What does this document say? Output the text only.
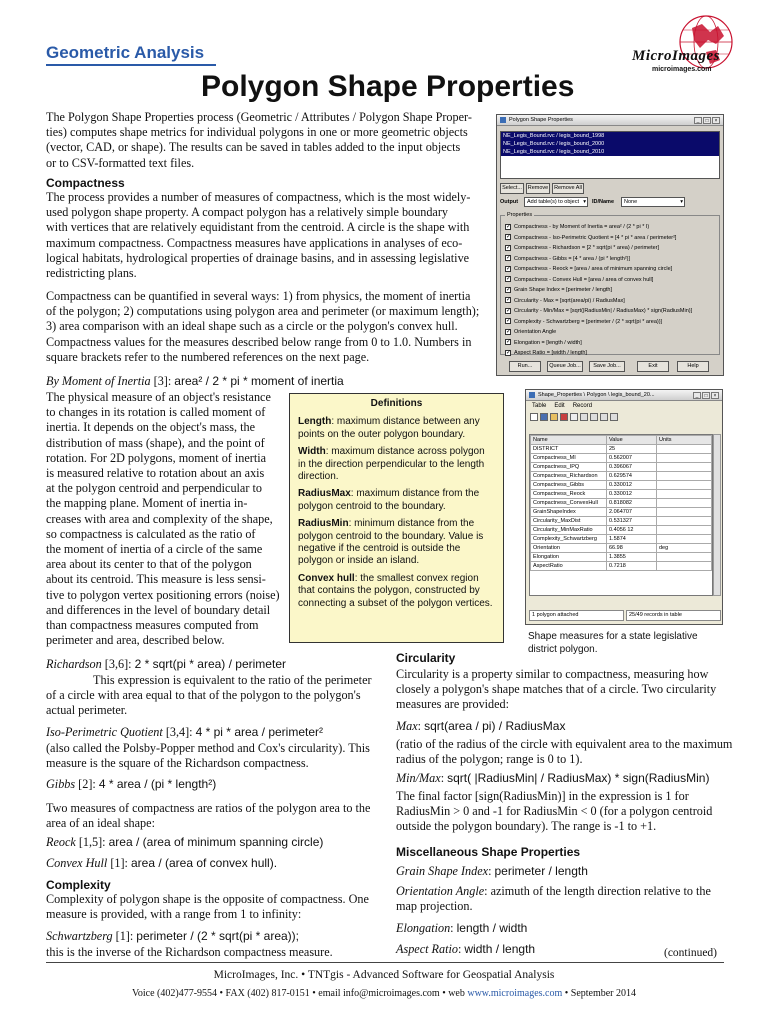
Geometric Analysis
Polygon Shape Properties
MicroImages
microimages.com
The Polygon Shape Properties process (Geometric / Attributes / Polygon Shape Proper-
ties) computes shape metrics for individual polygons in one or more geometric objects
(vector, CAD, or shape). The results can be saved in tables added to the input objects
or to CSV-formatted text files.
Compactness
The process provides a number of measures of compactness, which is the most widely-
used polygon shape property. A compact polygon has a relatively simple boundary
with vertices that are relatively equidistant from the centroid. A circle is the shape with
maximum compactness. Compactness measures have applications in analyses of eco-
logical habitats, hydrological properties of drainage basins, and in assessing legislative
redistricting plans.
Compactness can be quantified in several ways: 1) from physics, the moment of inertia
of the polygon; 2) computations using polygon area and perimeter (or maximum length);
3) area comparison with an ideal shape such as a circle or the polygon's convex hull.
Compactness values for the measures described below range from 0 to 1.0. Numbers in
square brackets refer to the numbered references on the next page.
By Moment of Inertia [3]: area² / 2 * pi * moment of inertia
The physical measure of an object's resistance
to changes in its rotation is called moment of
inertia. It depends on the object's mass, the
distribution of mass (shape), and the point of
rotation. For 2D polygons, moment of inertia
is measured relative to rotation about an axis
at the polygon centroid and perpendicular to
the mapping plane. Moment of inertia in-
creases with area and complexity of the shape,
so compactness is calculated as the ratio of
the moment of inertia of a circle of the same
area about its center to that of the polygon
about its centroid. This measure is less sensi-
tive to polygon vertex positioning errors (noise)
and differences in the level of boundary detail
than compactness measures computed from
perimeter and area, described below.
Definitions
Length: maximum distance between any points on the outer polygon boundary.
Width: maximum distance across polygon in the direction perpendicular to the length direction.
RadiusMax: maximum distance from the polygon centroid to the boundary.
RadiusMin: minimum distance from the polygon centroid to the boundary. Value is negative if the centroid is outside the polygon or inside an island.
Convex hull: the smallest convex region that contains the polygon, constructed by connecting a subset of the polygon vertices.
Richardson [3,6]: 2 * sqrt(pi * area) / perimeter
This expression is equivalent to the ratio of the perimeter
of a circle with area equal to that of the polygon to the polygon's
actual perimeter.
Iso-Perimetric Quotient [3,4]: 4 * pi * area / perimeter²
(also called the Polsby-Popper method and Cox's circularity). This
measure is the square of the Richardson compactness.
Gibbs [2]: 4 * area / (pi * length²)
Two measures of compactness are ratios of the polygon area to the
area of an ideal shape:
Reock [1,5]: area / (area of minimum spanning circle)
Convex Hull [1]: area / (area of convex hull).
Complexity
Complexity of polygon shape is the opposite of compactness. One
measure is provided, with a range from 1 to infinity:
Schwartzberg [1]: perimeter / (2 * sqrt(pi * area));
this is the inverse of the Richardson compactness measure.
Circularity
Circularity is a property similar to compactness, measuring how
closely a polygon's shape matches that of a circle. Two circularity
measures are provided:
Max: sqrt(area / pi) / RadiusMax
(ratio of the radius of the circle with equivalent area to the maximum
radius of the polygon; range is 0 to 1).
Min/Max: sqrt( |RadiusMin| / RadiusMax) * sign(RadiusMin)
The final factor [sign(RadiusMin)] in the expression is 1 for
RadiusMin > 0 and -1 for RadiusMin < 0 (for a polygon centroid
outside the polygon boundary). The range is -1 to +1.
Miscellaneous Shape Properties
Grain Shape Index: perimeter / length
Orientation Angle: azimuth of the length direction relative to the
map projection.
Elongation: length / width
Aspect Ratio: width / length	(continued)
Polygon Shape Properties	_	□	×
NE_Legis_Bound.rvc / legis_bound_1998
NE_Legis_Bound.rvc / legis_bound_2000
NE_Legis_Bound.rvc / legis_bound_2010
Select...	Remove	Remove All
Output	Add table(s) to object ▾ ID/Name	None	▾
Properties
✓ Compactness - by Moment of Inertia = area² / (2 * pi * I)
✓ Compactness - Iso-Perimetric Quotient = [4 * pi * area / perimeter²]
✓ Compactness - Richardson = [2 * sqrt(pi * area) / perimeter]
✓ Compactness - Gibbs = [4 * area / (pi * length²)]
✓ Compactness - Reock = [area / area of minimum spanning circle]
✓ Compactness - Convex Hull = [area / area of convex hull]
✓ Grain Shape Index = [perimeter / length]
✓ Circularity - Max = [sqrt(area/pi) / RadiusMax]
✓ Circularity - Min/Max = [sqrt(|RadiusMin| / RadiusMax) * sign(RadiusMin)]
✓ Complexity - Schwartzberg = [perimeter / (2 * sqrt(pi * area))]
✓ Orientation Angle
✓ Elongation = [length / width]
✓ Aspect Ratio = [width / length]
Run...	Queue Job...	Save Job...	Exit	Help
Shape_Properties \ Polygon \ legis_bound_20...	_	□	×
Table Edit Record
Name	Value	Units
DISTRICT	25	
Compactness_MI	0.562007	
Compactness_IPQ	0.396067	
Compactness_Richardson	0.629574	
Compactness_Gibbs	0.330012	
Compactness_Reock	0.330012	
Compactness_ConvexHull	0.818082	
GrainShapeIndex	2.064707	
Circularity_MaxDist	0.531327	
Circularity_MinMaxRatio	0.4056 12	
Complexity_Schwartzberg	1.5874	
Orientation	66.98	deg
Elongation	1.3855	
AspectRatio	0.7218	
1 polygon attached	25/49 records in table
Shape measures for a state legislative
district polygon.
MicroImages, Inc. • TNTgis - Advanced Software for Geospatial Analysis
Voice (402)477-9554 • FAX (402) 817-0151 • email info@microimages.com • web www.microimages.com • September 2014
